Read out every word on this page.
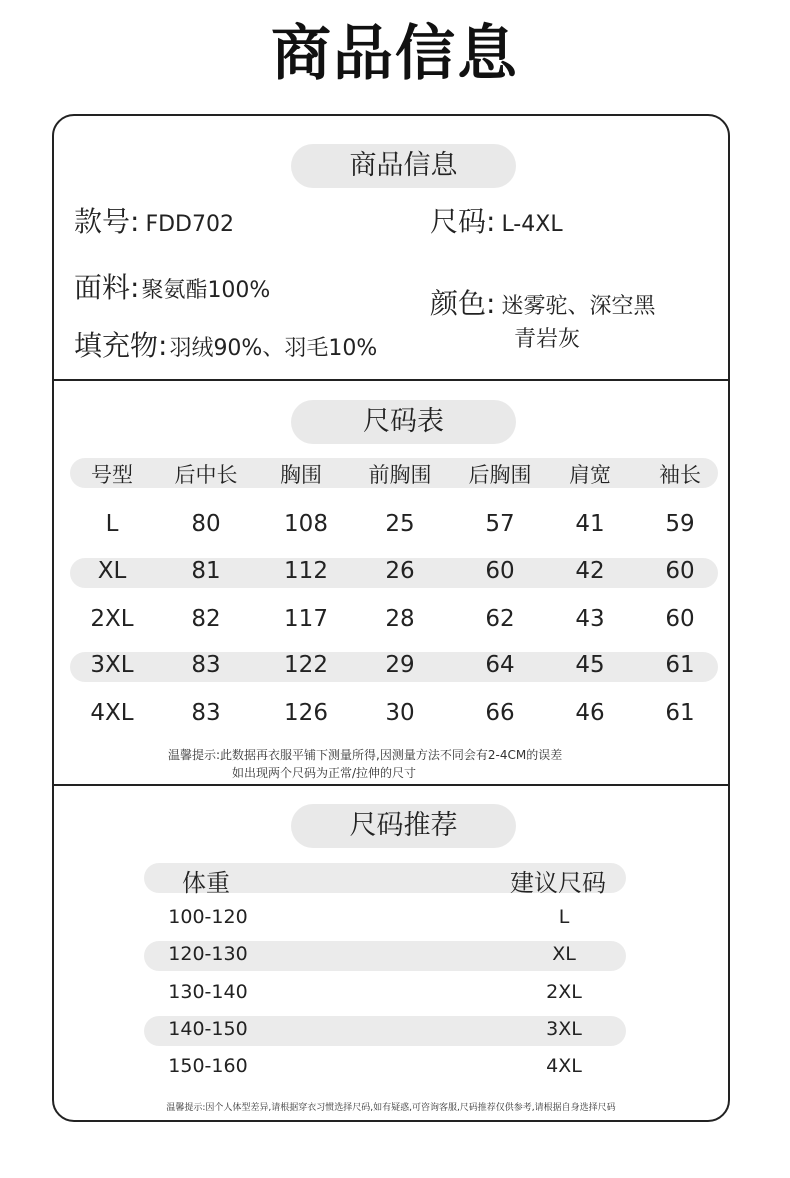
商品信息
商品信息
款号: FDD702	尺码: L-4XL
面料:聚氨酯100%	颜色: 迷雾驼、深空黑
青岩灰
填充物:羽绒90%、羽毛10%
尺码表
号型	后中长	胸围	前胸围	后胸围	肩宽	袖长
L	80	108	25	57	41	59
XL	81	112	26	60	42	60
2XL	82	117	28	62	43	60
3XL	83	122	29	64	45	61
4XL	83	126	30	66	46	61
温馨提示:此数据再衣服平铺下测量所得,因测量方法不同会有2-4CM的误差
如出现两个尺码为正常/拉伸的尺寸
尺码推荐
体重	建议尺码
100-120	L
120-130	XL
130-140	2XL
140-150	3XL
150-160	4XL
温馨提示:因个人体型差异,请根据穿衣习惯选择尺码,如有疑惑,可咨询客服,尺码推荐仅供参考,请根据自身选择尺码
